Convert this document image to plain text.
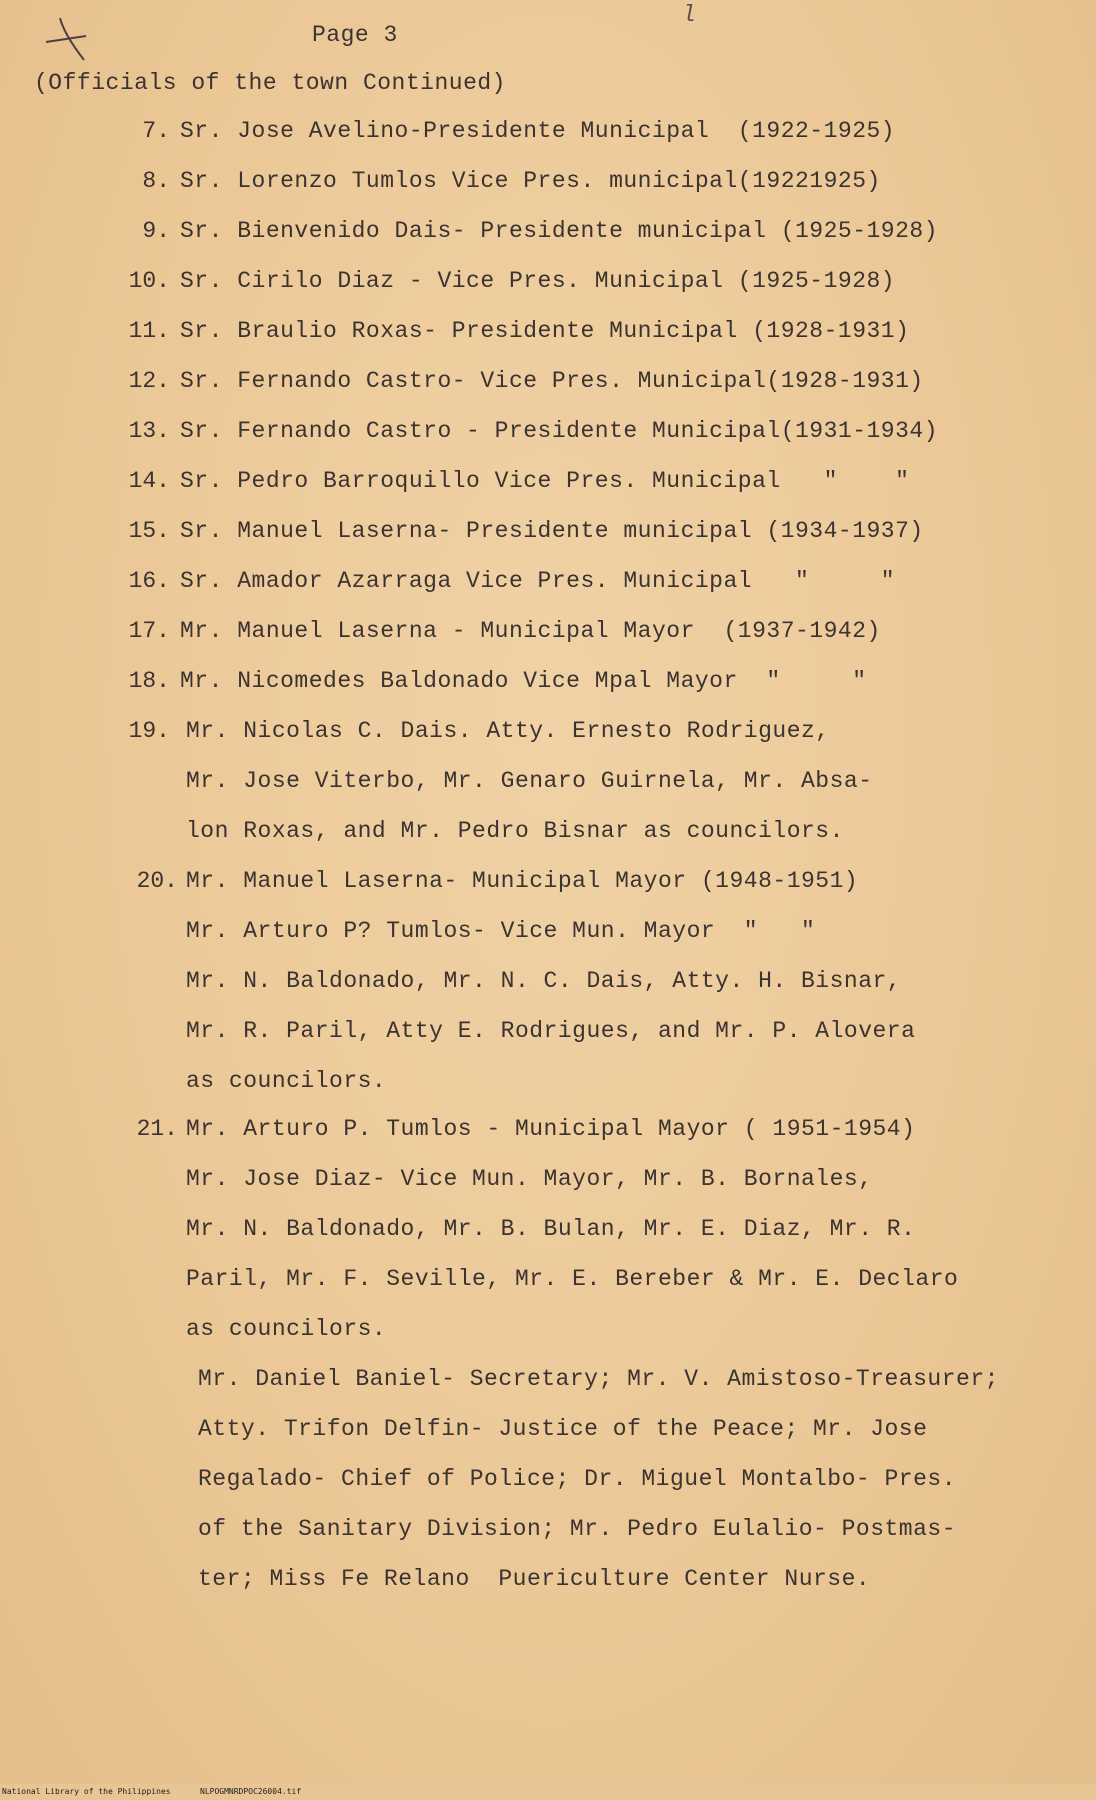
Page 3
l
(Officials of the town Continued)
7. Sr. Jose Avelino-Presidente Municipal  (1922-1925)
8. Sr. Lorenzo Tumlos Vice Pres. municipal(19221925)
9. Sr. Bienvenido Dais- Presidente municipal (1925-1928)
10. Sr. Cirilo Diaz - Vice Pres. Municipal (1925-1928)
11. Sr. Braulio Roxas- Presidente Municipal (1928-1931)
12. Sr. Fernando Castro- Vice Pres. Municipal(1928-1931)
13. Sr. Fernando Castro - Presidente Municipal(1931-1934)
14. Sr. Pedro Barroquillo Vice Pres. Municipal   "    "
15. Sr. Manuel Laserna- Presidente municipal (1934-1937)
16. Sr. Amador Azarraga Vice Pres. Municipal   "     "
17. Mr. Manuel Laserna - Municipal Mayor  (1937-1942)
18. Mr. Nicomedes Baldonado Vice Mpal Mayor  "     "
19. Mr. Nicolas C. Dais. Atty. Ernesto Rodriguez,
Mr. Jose Viterbo, Mr. Genaro Guirnela, Mr. Absa-
lon Roxas, and Mr. Pedro Bisnar as councilors.
20. Mr. Manuel Laserna- Municipal Mayor (1948-1951)
Mr. Arturo P? Tumlos- Vice Mun. Mayor  "   "
Mr. N. Baldonado, Mr. N. C. Dais, Atty. H. Bisnar,
Mr. R. Paril, Atty E. Rodrigues, and Mr. P. Alovera
as councilors.
21. Mr. Arturo P. Tumlos - Municipal Mayor ( 1951-1954)
Mr. Jose Diaz- Vice Mun. Mayor, Mr. B. Bornales,
Mr. N. Baldonado, Mr. B. Bulan, Mr. E. Diaz, Mr. R.
Paril, Mr. F. Seville, Mr. E. Bereber & Mr. E. Declaro
as councilors.
Mr. Daniel Baniel- Secretary; Mr. V. Amistoso-Treasurer;
Atty. Trifon Delfin- Justice of the Peace; Mr. Jose
Regalado- Chief of Police; Dr. Miguel Montalbo- Pres.
of the Sanitary Division; Mr. Pedro Eulalio- Postmas-
ter; Miss Fe Relano  Puericulture Center Nurse.
National Library of the Philippines	NLPOGMNRDPOC26004.tif
